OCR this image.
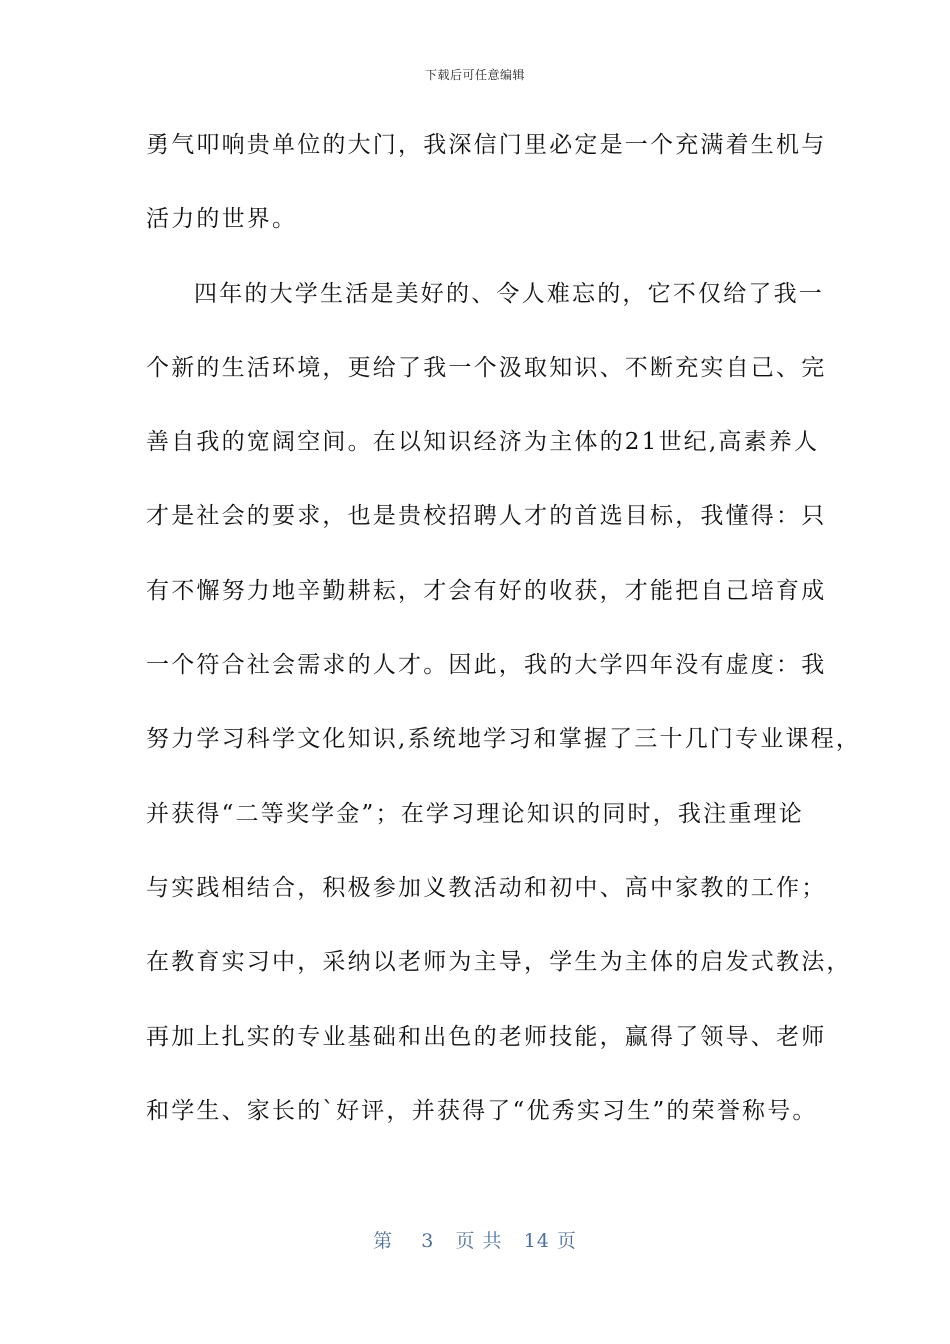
下载后可任意编辑
勇气叩响贵单位的大门，我深信门里必定是一个充满着生机与
活力的世界。
四年的大学生活是美好的、令人难忘的，它不仅给了我一
个新的生活环境，更给了我一个汲取知识、不断充实自己、完
善自我的宽阔空间。在以知识经济为主体的21世纪,高素养人
才是社会的要求，也是贵校招聘人才的首选目标，我懂得：只
有不懈努力地辛勤耕耘，才会有好的收获，才能把自己培育成
一个符合社会需求的人才。因此，我的大学四年没有虚度：我
努力学习科学文化知识,系统地学习和掌握了三十几门专业课程，
并获得“二等奖学金”；在学习理论知识的同时，我注重理论
与实践相结合，积极参加义教活动和初中、高中家教的工作；
在教育实习中，采纳以老师为主导，学生为主体的启发式教法，
再加上扎实的专业基础和出色的老师技能，赢得了领导、老师
和学生、家长的`好评，并获得了“优秀实习生”的荣誉称号。
第 3 页 共 14 页
